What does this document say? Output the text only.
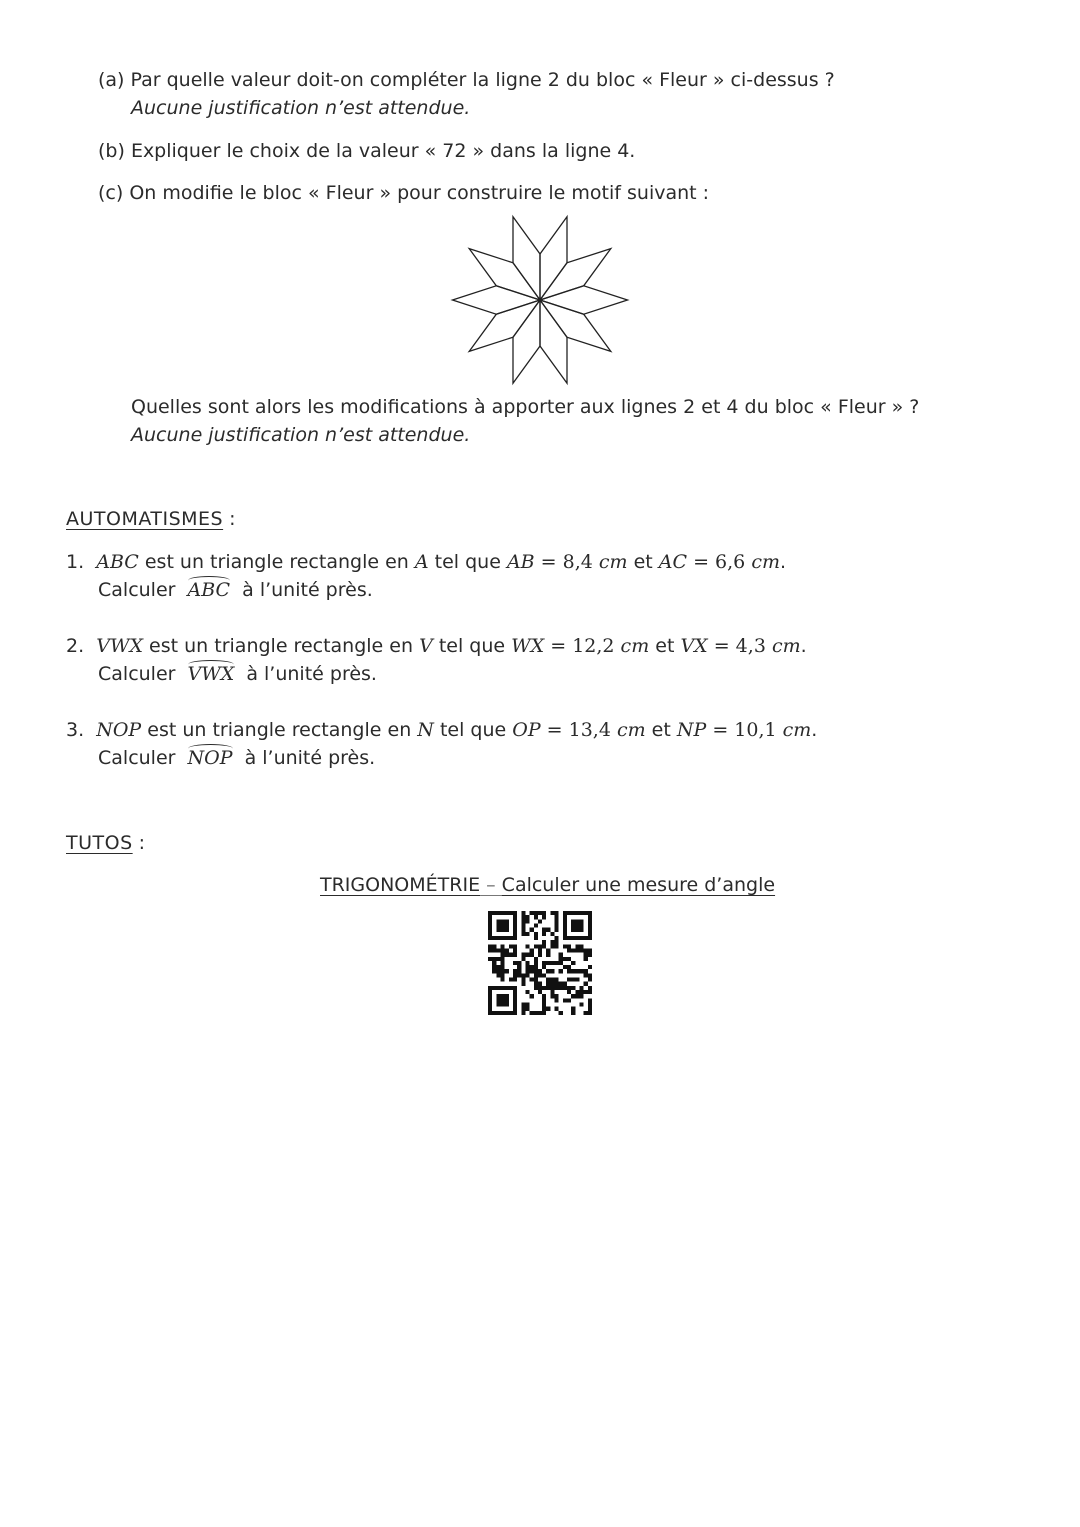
(a) Par quelle valeur doit-on compléter la ligne 2 du bloc « Fleur » ci-dessus ?
Aucune justification n’est attendue.
(b) Expliquer le choix de la valeur « 72 » dans la ligne 4.
(c) On modifie le bloc « Fleur » pour construire le motif suivant :
Quelles sont alors les modifications à apporter aux lignes 2 et 4 du bloc « Fleur » ?
Aucune justification n’est attendue.
AUTOMATISMES :
1. ABC est un triangle rectangle en A tel que AB = 8,4 cm et AC = 6,6 cm.
Calculer ABC à l’unité près.
2. VWX est un triangle rectangle en V tel que WX = 12,2 cm et VX = 4,3 cm.
Calculer VWX à l’unité près.
3. NOP est un triangle rectangle en N tel que OP = 13,4 cm et NP = 10,1 cm.
Calculer NOP à l’unité près.
TUTOS :
TRIGONOMÉTRIE – Calculer une mesure d’angle
